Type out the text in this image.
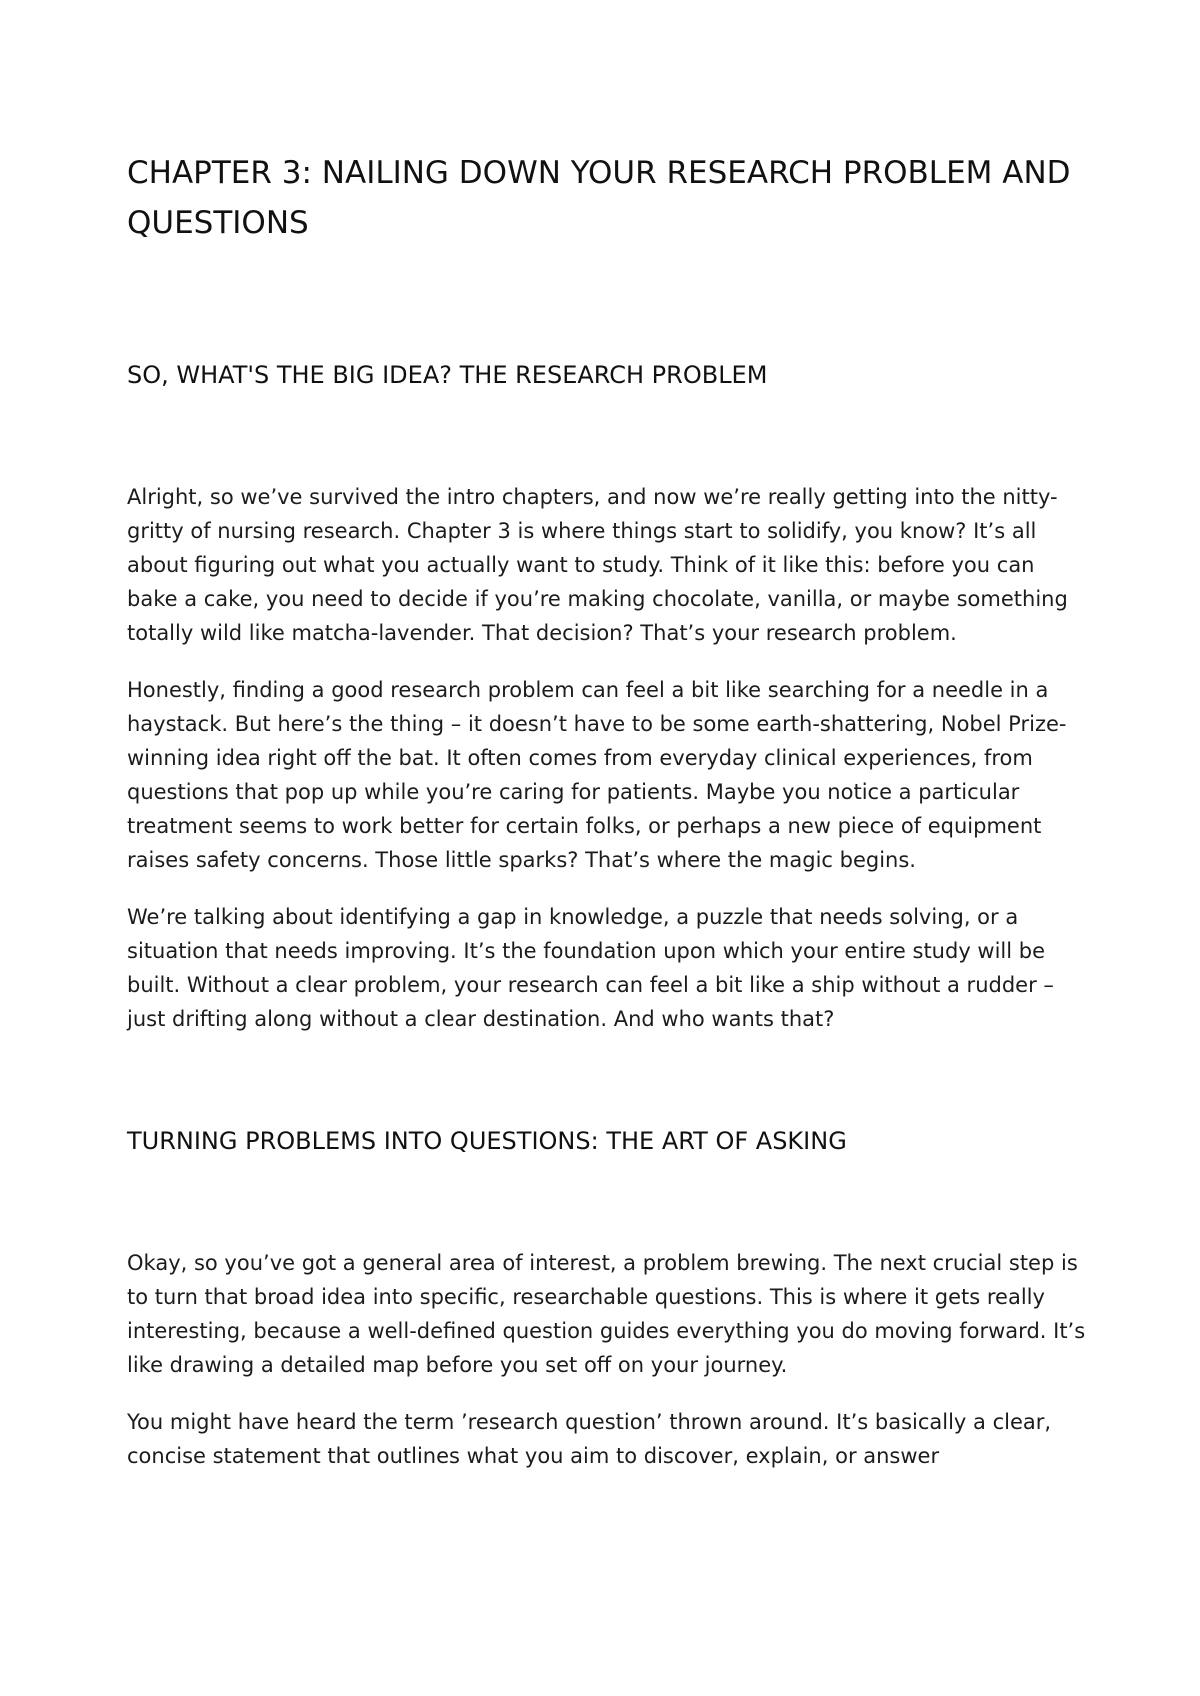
CHAPTER 3: NAILING DOWN YOUR RESEARCH PROBLEM AND QUESTIONS
SO, WHAT'S THE BIG IDEA? THE RESEARCH PROBLEM

Alright, so we’ve survived the intro chapters, and now we’re really getting into the nitty-gritty of nursing research. Chapter 3 is where things start to solidify, you know? It’s all about figuring out what you actually want to study. Think of it like this: before you can bake a cake, you need to decide if you’re making chocolate, vanilla, or maybe something totally wild like matcha-lavender. That decision? That’s your research problem.

Honestly, finding a good research problem can feel a bit like searching for a needle in a haystack. But here’s the thing – it doesn’t have to be some earth-shattering, Nobel Prize-winning idea right off the bat. It often comes from everyday clinical experiences, from questions that pop up while you’re caring for patients. Maybe you notice a particular treatment seems to work better for certain folks, or perhaps a new piece of equipment raises safety concerns. Those little sparks? That’s where the magic begins.

We’re talking about identifying a gap in knowledge, a puzzle that needs solving, or a situation that needs improving. It’s the foundation upon which your entire study will be built. Without a clear problem, your research can feel a bit like a ship without a rudder – just drifting along without a clear destination. And who wants that?

TURNING PROBLEMS INTO QUESTIONS: THE ART OF ASKING

Okay, so you’ve got a general area of interest, a problem brewing. The next crucial step is to turn that broad idea into specific, researchable questions. This is where it gets really interesting, because a well-defined question guides everything you do moving forward. It’s like drawing a detailed map before you set off on your journey.

You might have heard the term ’research question’ thrown around. It’s basically a clear, concise statement that outlines what you aim to discover, explain, or answer
